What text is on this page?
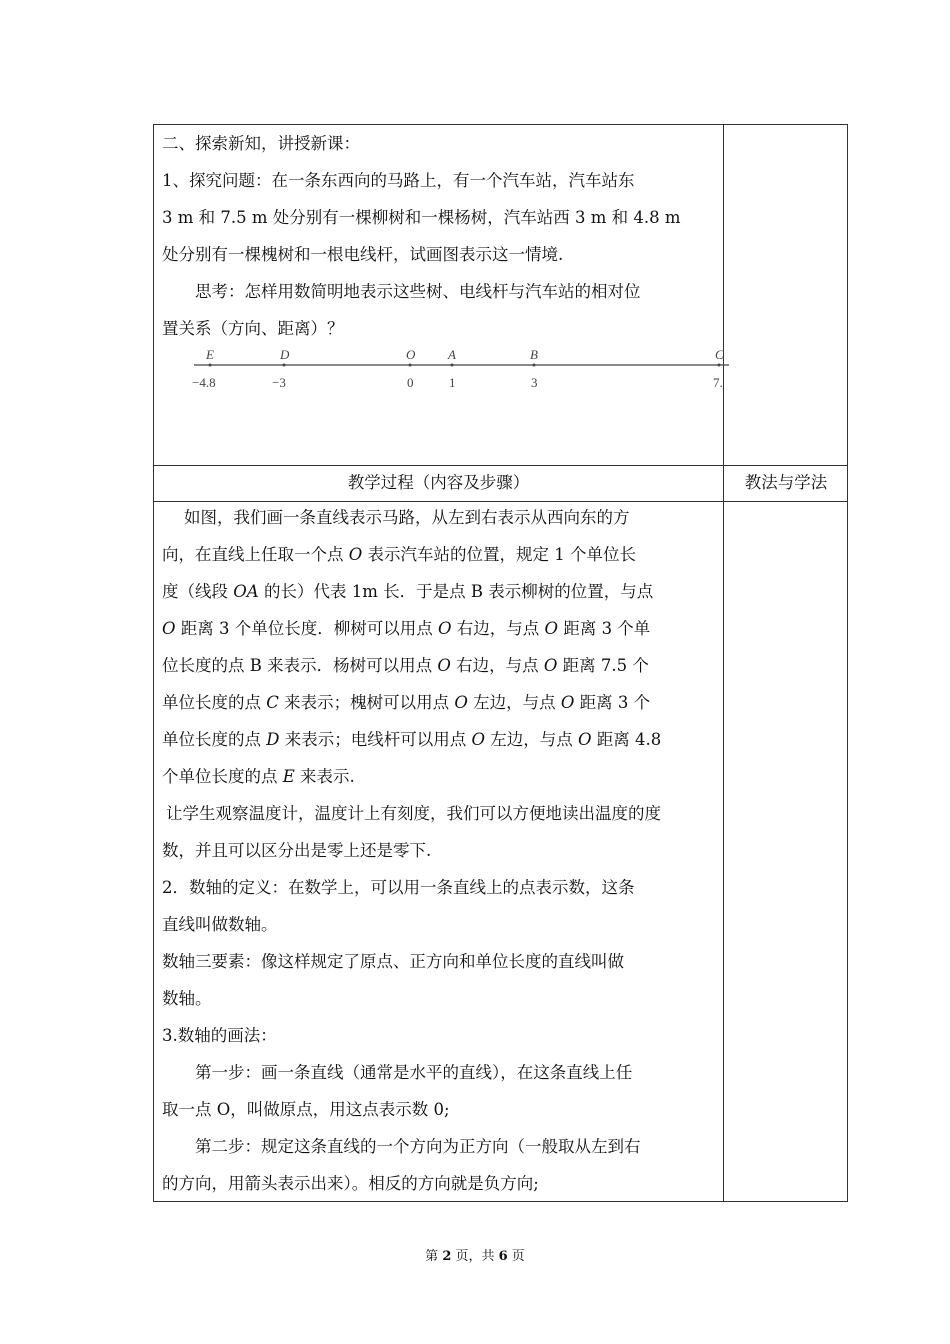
二、探索新知，讲授新课：

1、探究问题：在一条东西向的马路上，有一个汽车站，汽车站东

3 m 和 7.5 m 处分别有一棵柳树和一棵杨树，汽车站西 3 m 和 4.8 m

处分别有一棵槐树和一根电线杆，试画图表示这一情境.

思考：怎样用数简明地表示这些树、电线杆与汽车站的相对位

置关系（方向、距离）？

E	D	O	A	B	C
−4.8	−3	0	1	3	7.
教学过程（内容及步骤）	教法与学法

如图，我们画一条直线表示马路，从左到右表示从西向东的方

向，在直线上任取一个点 O 表示汽车站的位置，规定 1 个单位长

度（线段 OA 的长）代表 1m 长．于是点 B 表示柳树的位置，与点

O 距离 3 个单位长度．柳树可以用点 O 右边，与点 O 距离 3 个单

位长度的点 B 来表示．杨树可以用点 O 右边，与点 O 距离 7.5 个

单位长度的点 C 来表示；槐树可以用点 O 左边，与点 O 距离 3 个

单位长度的点 D 来表示；电线杆可以用点 O 左边，与点 O 距离 4.8

个单位长度的点 E 来表示.

让学生观察温度计，温度计上有刻度，我们可以方便地读出温度的度

数，并且可以区分出是零上还是零下.

2．数轴的定义：在数学上，可以用一条直线上的点表示数，这条

直线叫做数轴。

数轴三要素：像这样规定了原点、正方向和单位长度的直线叫做

数轴。

3.数轴的画法：

第一步：画一条直线（通常是水平的直线），在这条直线上任

取一点 O，叫做原点，用这点表示数 0;

第二步：规定这条直线的一个方向为正方向（一般取从左到右

的方向，用箭头表示出来）。相反的方向就是负方向;

第 2 页，共 6 页
